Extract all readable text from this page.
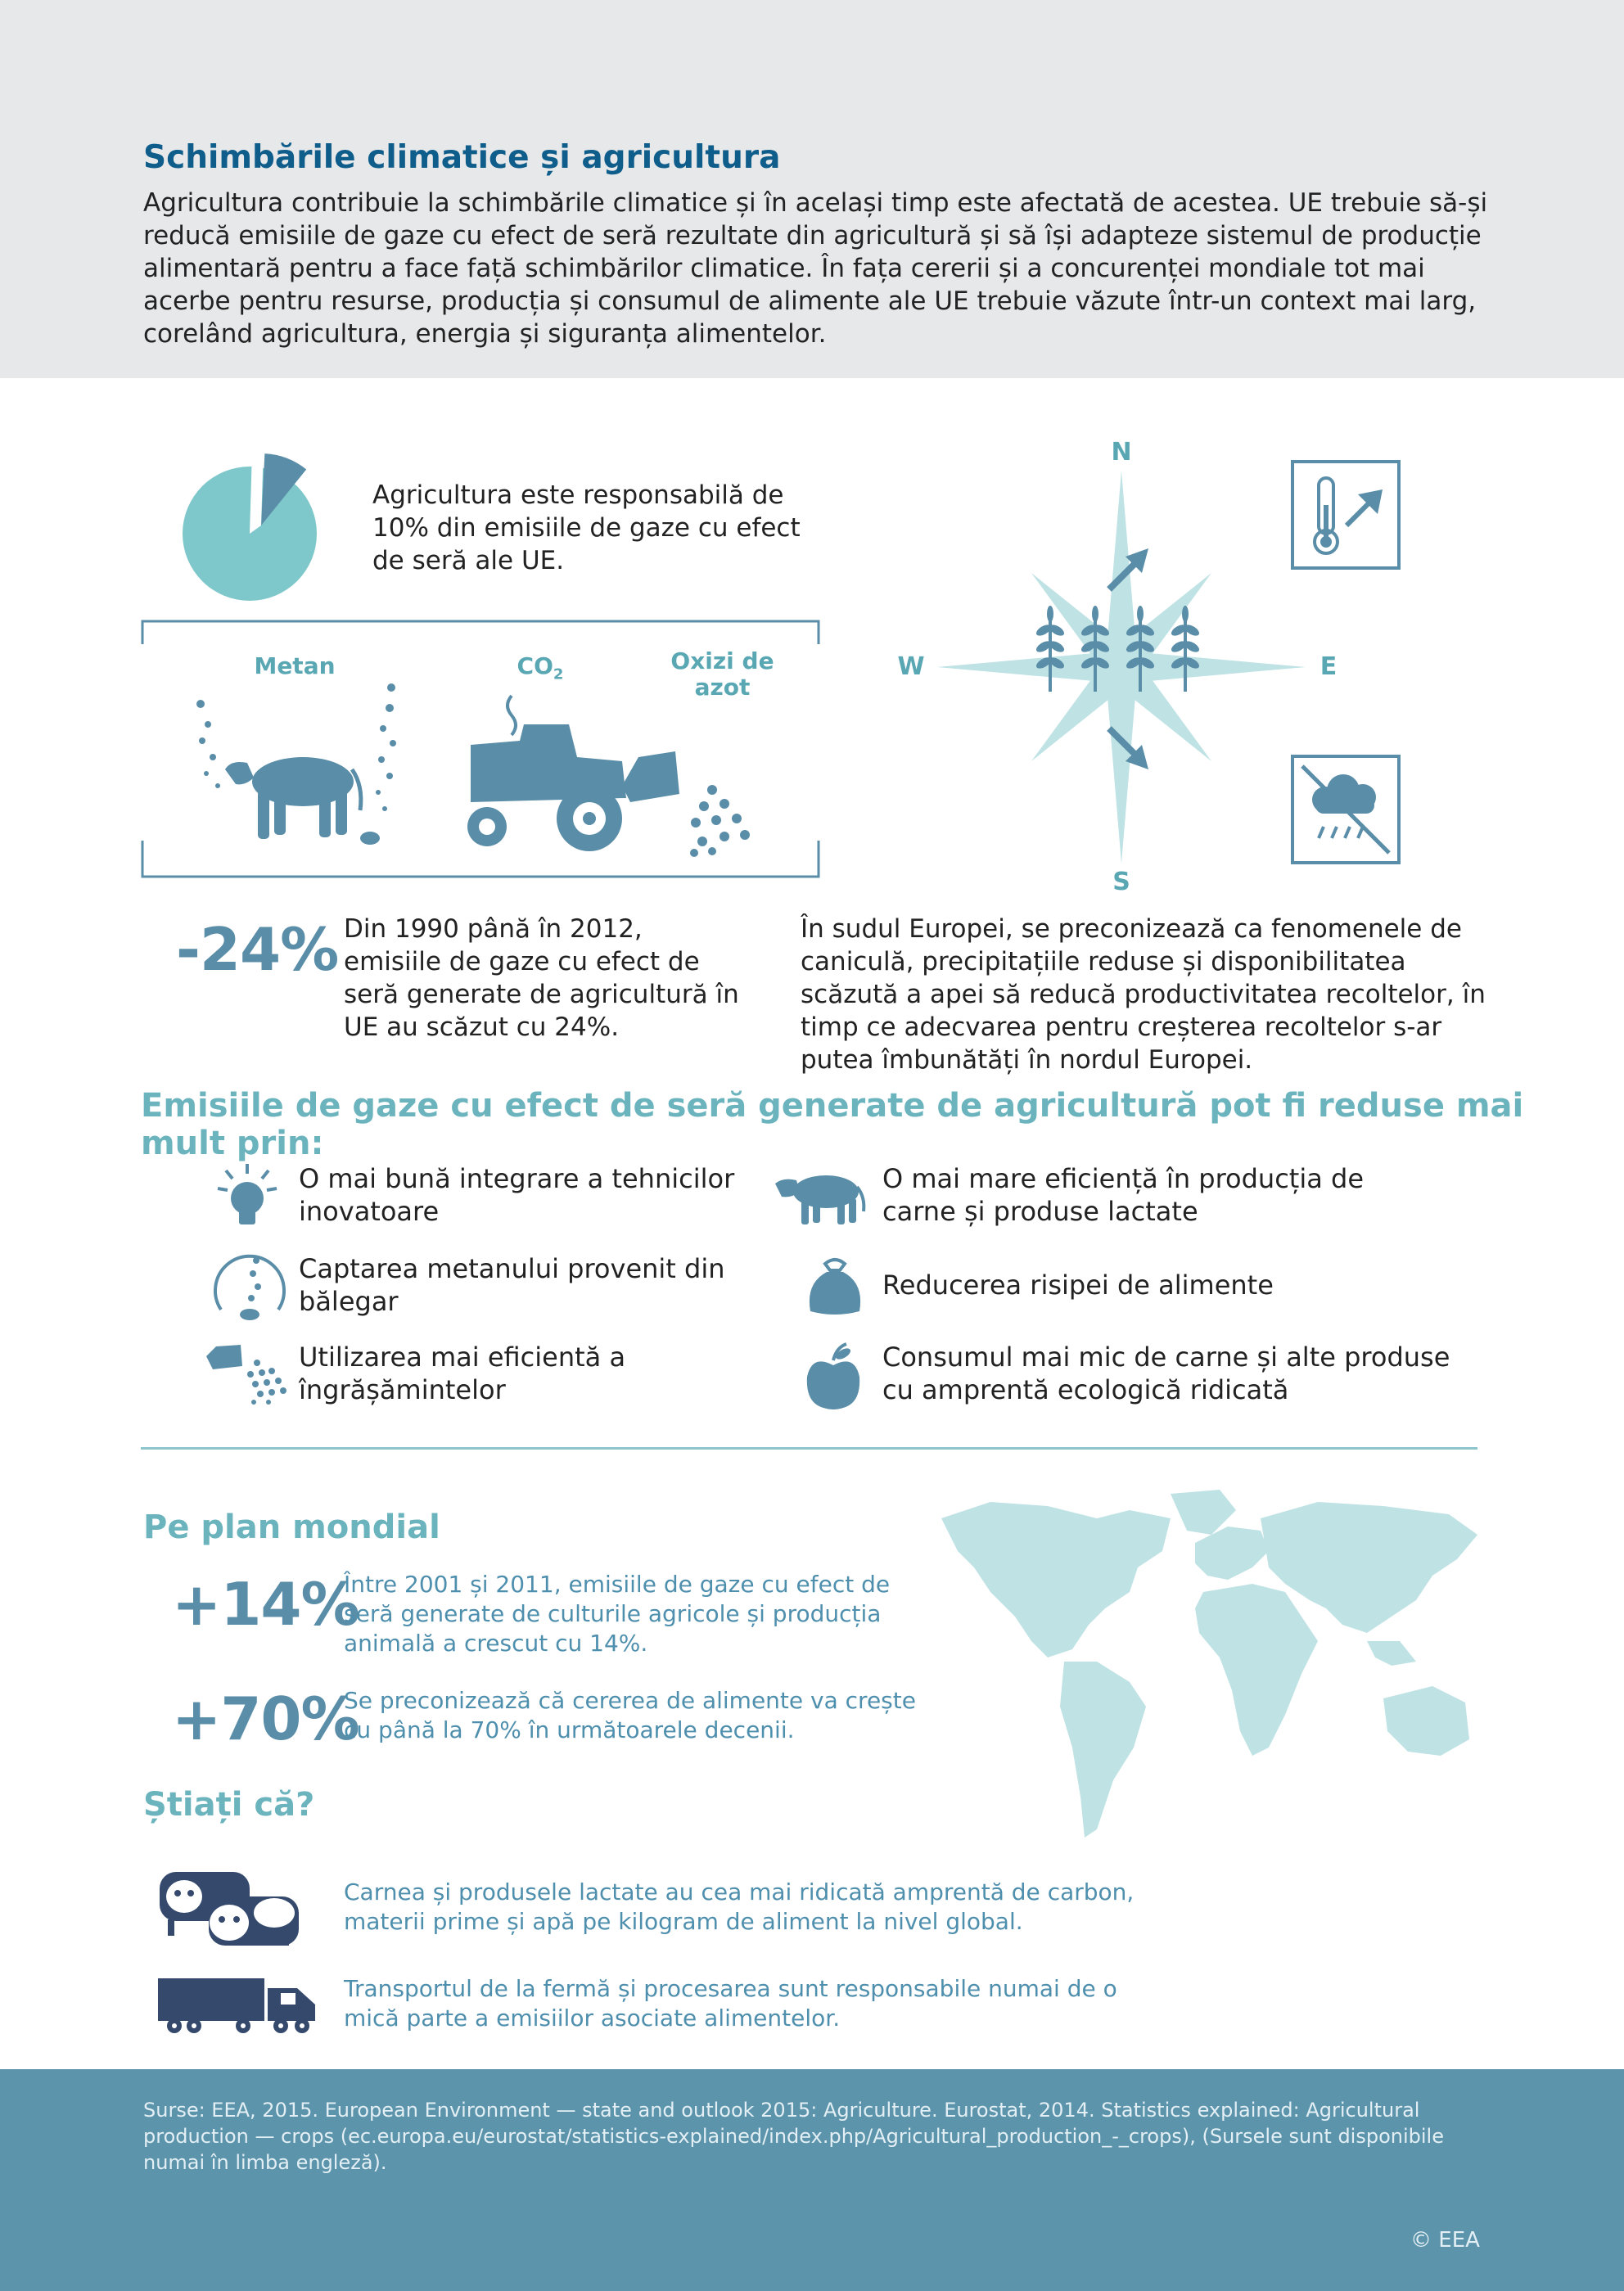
Schimbările climatice și agricultura
Agricultura contribuie la schimbările climatice și în același timp este afectată de acestea. UE trebuie să-și reducă emisiile de gaze cu efect de seră rezultate din agricultură și să își adapteze sistemul de producție alimentară pentru a face față schimbărilor climatice. În fața cererii și a concurenței mondiale tot mai acerbe pentru resurse, producția și consumul de alimente ale UE trebuie văzute într-un context mai larg, corelând agricultura, energia și siguranța alimentelor.
Agricultura este responsabilă de 10% din emisiile de gaze cu efect de seră ale UE.
Metan	$CO_2$
Oxizi de azot
-24% Din 1990 până în 2012, emisiile de gaze cu efect de seră generate de agricultură în UE au scăzut cu 24%.
N
S
E
W
În sudul Europei, se preconizează ca fenomenele de caniculă, precipitațiile reduse și disponibilitatea scăzută a apei să reducă productivitatea recoltelor, în timp ce adecvarea pentru creșterea recoltelor s-ar putea îmbunătăți în nordul Europei.
Emisiile de gaze cu efect de seră generate de agricultură pot fi reduse mai mult prin:
O mai bună integrare a tehnicilor inovatoare
O mai mare eficiență în producția de carne și produse lactate
Captarea metanului provenit din bălegar
Reducerea risipei de alimente
Utilizarea mai eficientă a îngrășămintelor
Consumul mai mic de carne și alte produse cu amprentă ecologică ridicată
Pe plan mondial
+14%
Între 2001 și 2011, emisiile de gaze cu efect de seră generate de culturile agricole și producția animală a crescut cu 14%.
+70%
Se preconizează că cererea de alimente va crește cu până la 70% în următoarele decenii.
Știați că?
Carnea și produsele lactate au cea mai ridicată amprentă de carbon, materii prime și apă pe kilogram de aliment la nivel global.
Transportul de la fermă și procesarea sunt responsabile numai de o mică parte a emisiilor asociate alimentelor.
Surse: EEA, 2015. European Environment — state and outlook 2015: Agriculture. Eurostat, 2014. Statistics explained: Agricultural production — crops (ec.europa.eu/eurostat/statistics-explained/index.php/Agricultural_production_-_crops), (Sursele sunt disponibile numai în limba engleză).
© EEA
